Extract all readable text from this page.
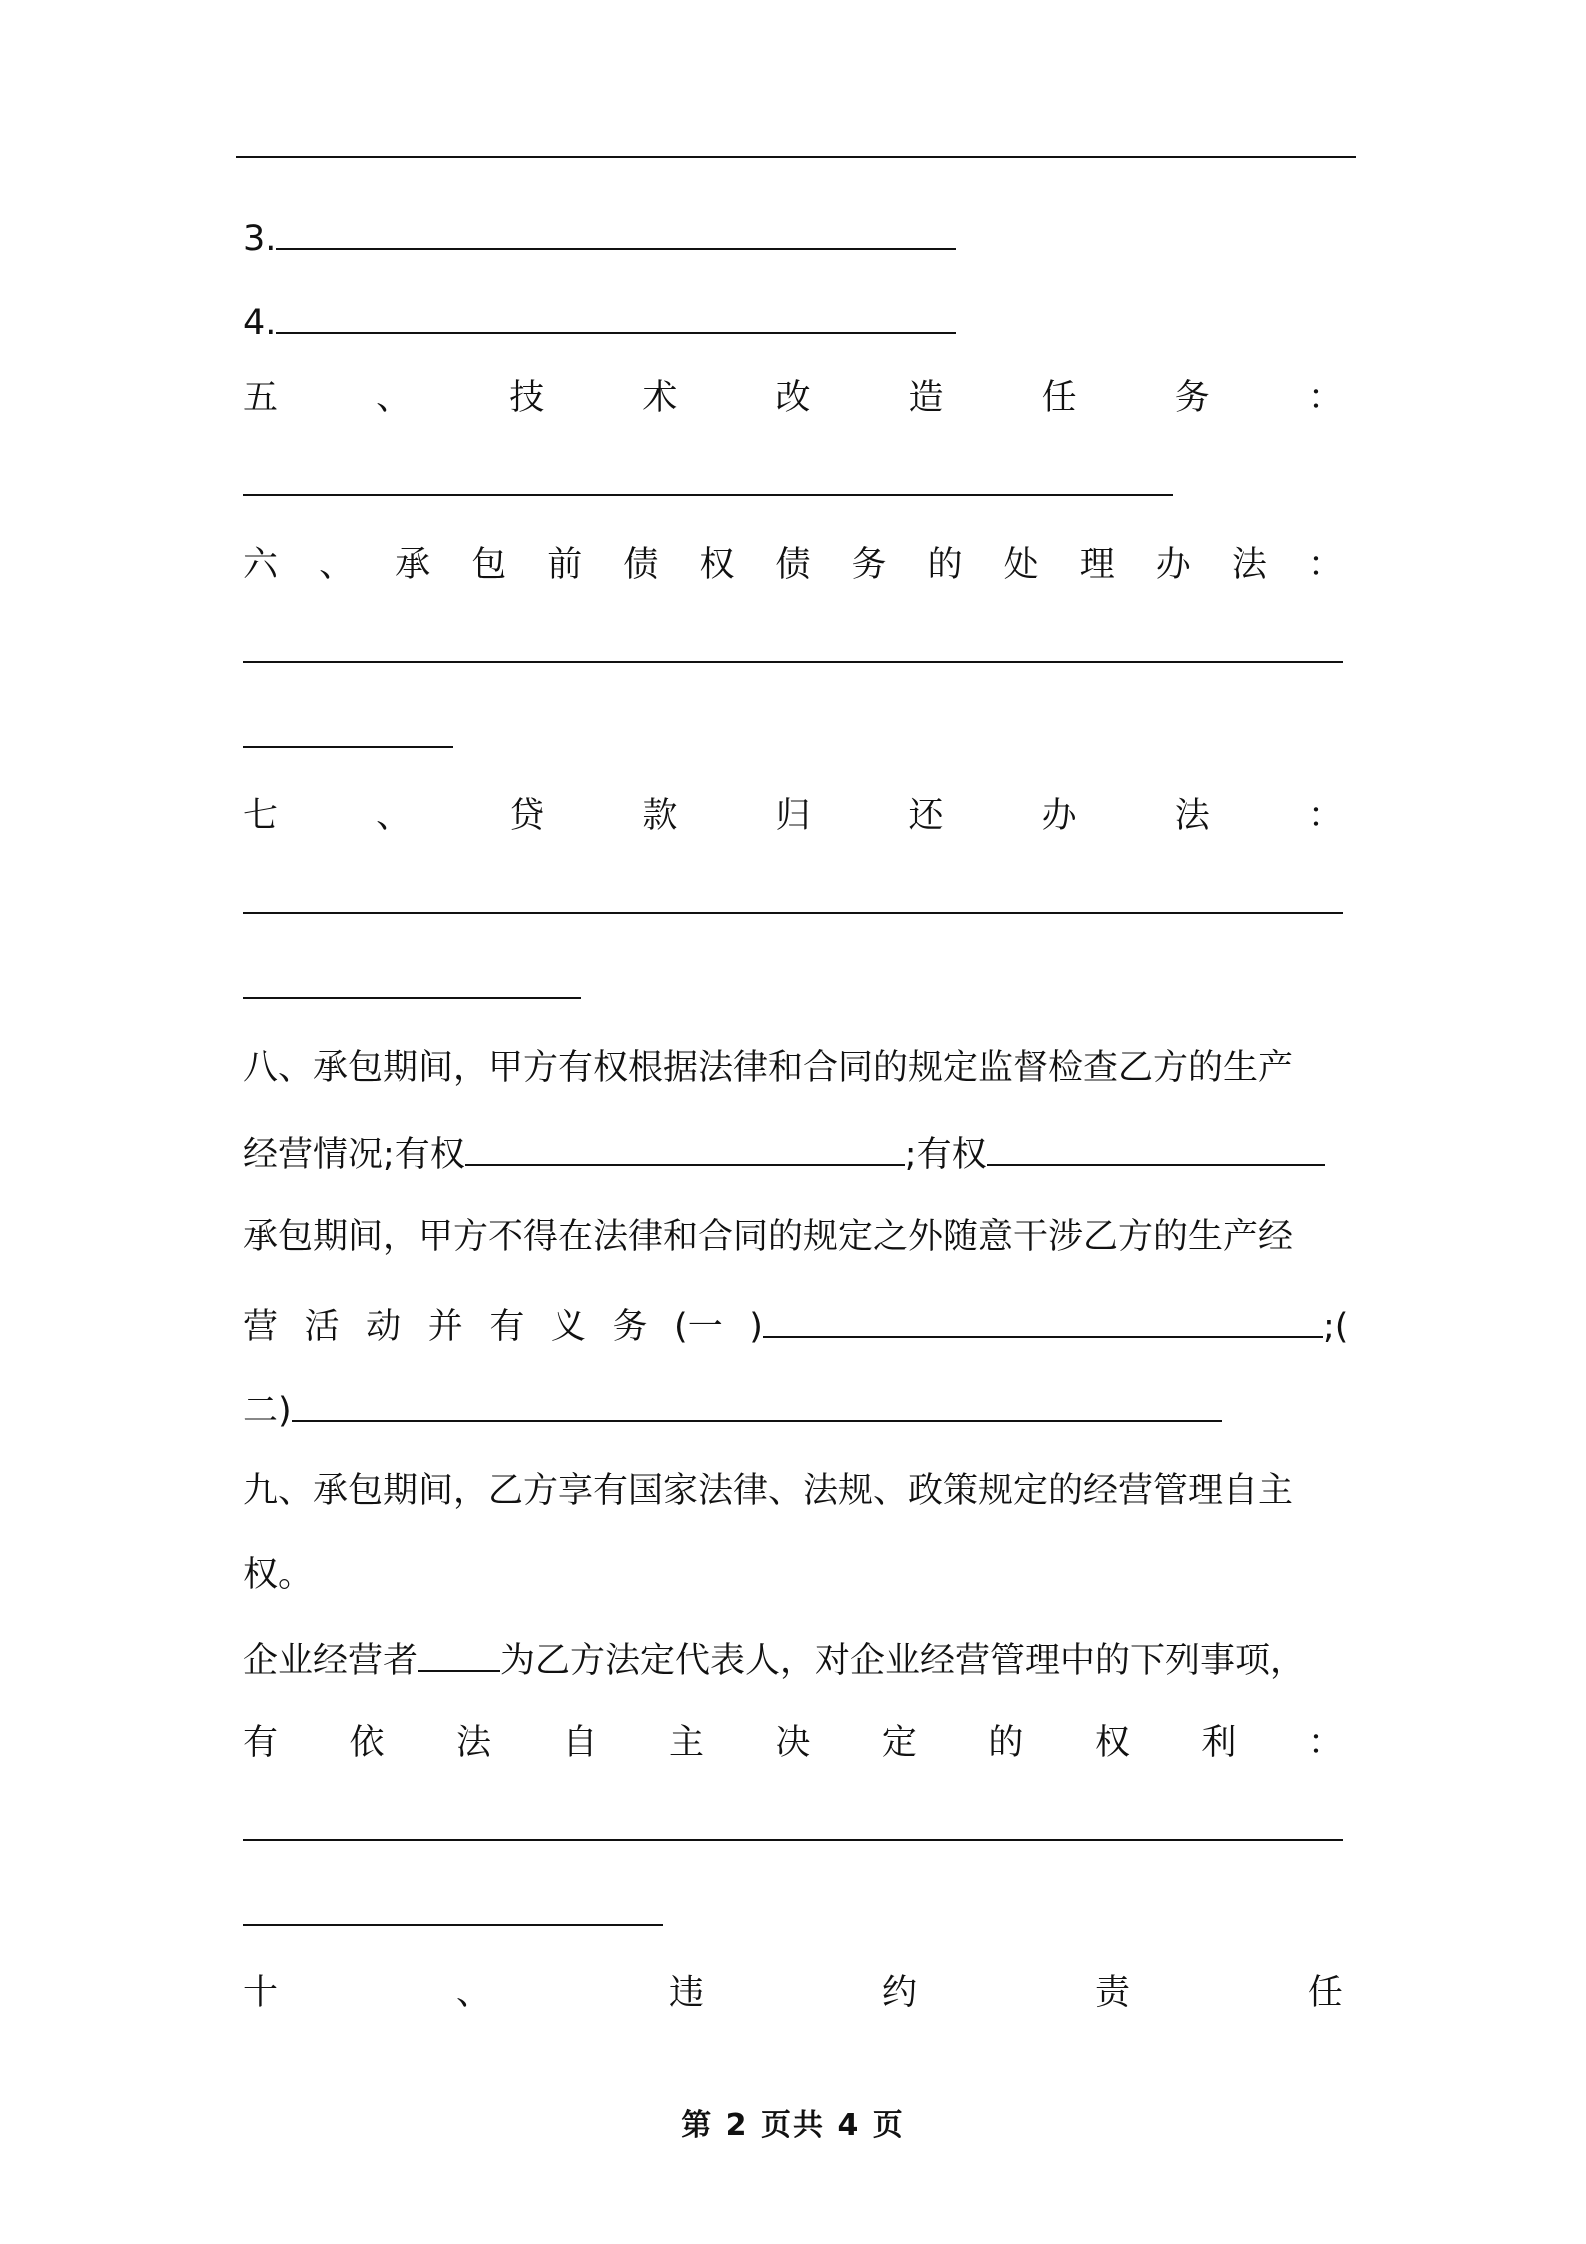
3.
4.
五	、	技	术	改	造	任	务	：
六 、 承 包 前 债 权 债 务 的 处 理 办 法 ：
七	、	贷	款	归	还	办	法	：
八、承包期间，甲方有权根据法律和合同的规定监督检查乙方的生产
经营情况;有权	;有权
承包期间，甲方不得在法律和合同的规定之外随意干涉乙方的生产经
营 活 动 并 有 义 务 (一 )	;(
二)
九、承包期间，乙方享有国家法律、法规、政策规定的经营管理自主
权。
企业经营者 为乙方法定代表人，对企业经营管理中的下列事项，
有 依 法 自 主 决 定 的 权 利 ：
十	、	违	约	责	任
第 2 页共 4 页
